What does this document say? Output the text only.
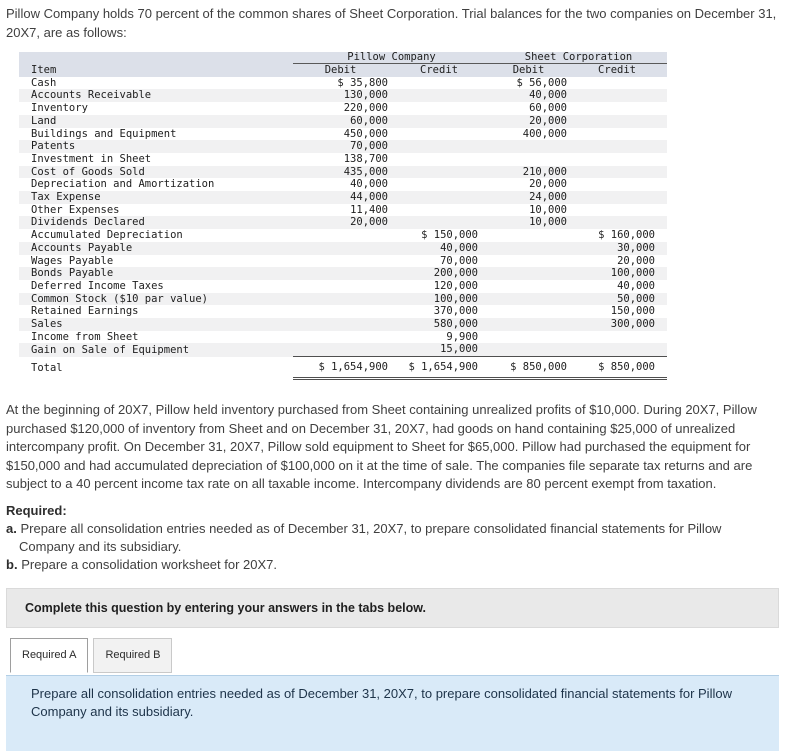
Pillow Company holds 70 percent of the common shares of Sheet Corporation. Trial balances for the two companies on December 31, 20X7, are as follows:

	Pillow Company		Sheet Corporation	
Item	Debit	Credit	Debit	Credit
Cash	$ 35,800		$ 56,000	
Accounts Receivable	130,000		40,000	
Inventory	220,000		60,000	
Land	60,000		20,000	
Buildings and Equipment	450,000		400,000	
Patents	70,000			
Investment in Sheet	138,700			
Cost of Goods Sold	435,000		210,000	
Depreciation and Amortization	40,000		20,000	
Tax Expense	44,000		24,000	
Other Expenses	11,400		10,000	
Dividends Declared	20,000		10,000	
Accumulated Depreciation		$ 150,000		$ 160,000
Accounts Payable		40,000		30,000
Wages Payable		70,000		20,000
Bonds Payable		200,000		100,000
Deferred Income Taxes		120,000		40,000
Common Stock ($10 par value)		100,000		50,000
Retained Earnings		370,000		150,000
Sales		580,000		300,000
Income from Sheet		9,900		
Gain on Sale of Equipment		15,000		
Total	$ 1,654,900	$ 1,654,900	$ 850,000	$ 850,000

At the beginning of 20X7, Pillow held inventory purchased from Sheet containing unrealized profits of $10,000. During 20X7, Pillow purchased $120,000 of inventory from Sheet and on December 31, 20X7, had goods on hand containing $25,000 of unrealized intercompany profit. On December 31, 20X7, Pillow sold equipment to Sheet for $65,000. Pillow had purchased the equipment for $150,000 and had accumulated depreciation of $100,000 on it at the time of sale. The companies file separate tax returns and are subject to a 40 percent income tax rate on all taxable income. Intercompany dividends are 80 percent exempt from taxation.

Required:
a. Prepare all consolidation entries needed as of December 31, 20X7, to prepare consolidated financial statements for Pillow Company and its subsidiary.
b. Prepare a consolidation worksheet for 20X7.
Complete this question by entering your answers in the tabs below.
Required A	Required B
Prepare all consolidation entries needed as of December 31, 20X7, to prepare consolidated financial statements for Pillow Company and its subsidiary.
